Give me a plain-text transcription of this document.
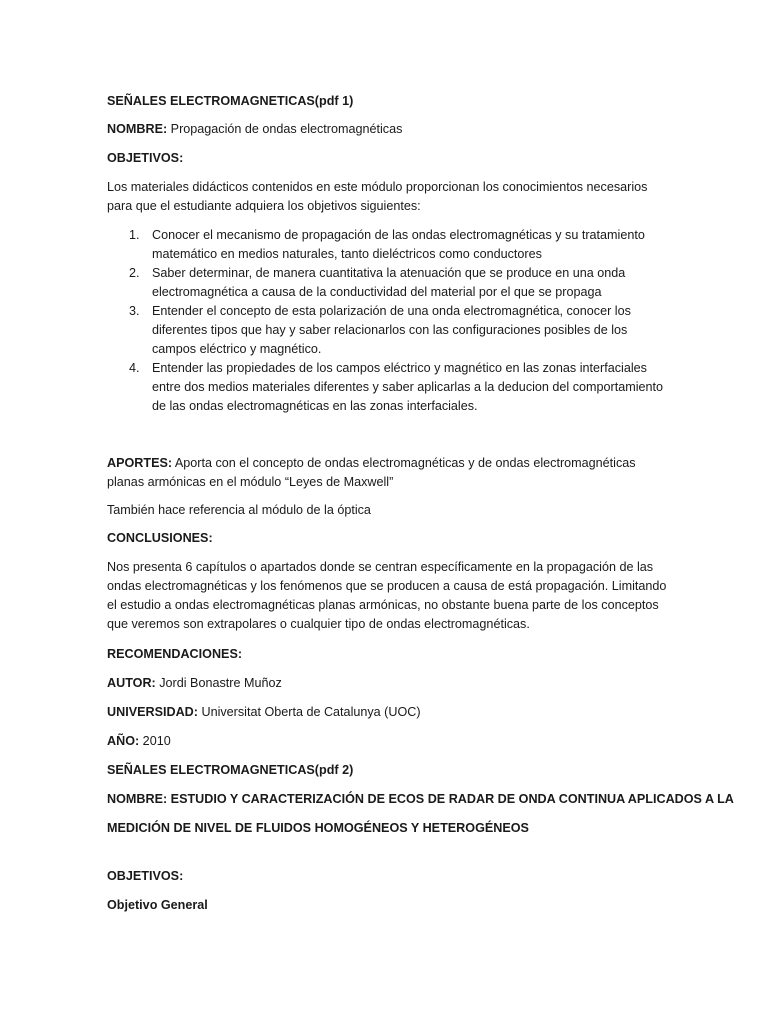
SEÑALES ELECTROMAGNETICAS(pdf 1)

NOMBRE: Propagación de ondas electromagnéticas

OBJETIVOS:

Los materiales didácticos contenidos en este módulo proporcionan los conocimientos necesarios para que el estudiante adquiera los objetivos siguientes:

1. Conocer el mecanismo de propagación de las ondas electromagnéticas y su tratamiento matemático en medios naturales, tanto dieléctricos como conductores
2. Saber determinar, de manera cuantitativa la atenuación que se produce en una onda electromagnética a causa de la conductividad del material por el que se propaga
3. Entender el concepto de esta polarización de una onda electromagnética, conocer los diferentes tipos que hay y saber relacionarlos con las configuraciones posibles de los campos eléctrico y magnético.
4. Entender las propiedades de los campos eléctrico y magnético en las zonas interfaciales entre dos medios materiales diferentes y saber aplicarlas a la deducion del comportamiento de las ondas electromagnéticas en las zonas interfaciales.

APORTES: Aporta con el concepto de ondas electromagnéticas y de ondas electromagnéticas planas armónicas en el módulo “Leyes de Maxwell”

También hace referencia al módulo de la óptica

CONCLUSIONES:

Nos presenta 6 capítulos o apartados donde se centran específicamente en la propagación de las ondas electromagnéticas y los fenómenos que se producen a causa de está propagación. Limitando el estudio a ondas electromagnéticas planas armónicas, no obstante buena parte de los conceptos que veremos son extrapolares o cualquier tipo de ondas electromagnéticas.

RECOMENDACIONES:

AUTOR: Jordi Bonastre Muñoz

UNIVERSIDAD: Universitat Oberta de Catalunya (UOC)

AÑO: 2010

SEÑALES ELECTROMAGNETICAS(pdf 2)

NOMBRE: ESTUDIO Y CARACTERIZACIÓN DE ECOS DE RADAR DE ONDA CONTINUA APLICADOS A LA

MEDICIÓN DE NIVEL DE FLUIDOS HOMOGÉNEOS Y HETEROGÉNEOS

OBJETIVOS:

Objetivo General
